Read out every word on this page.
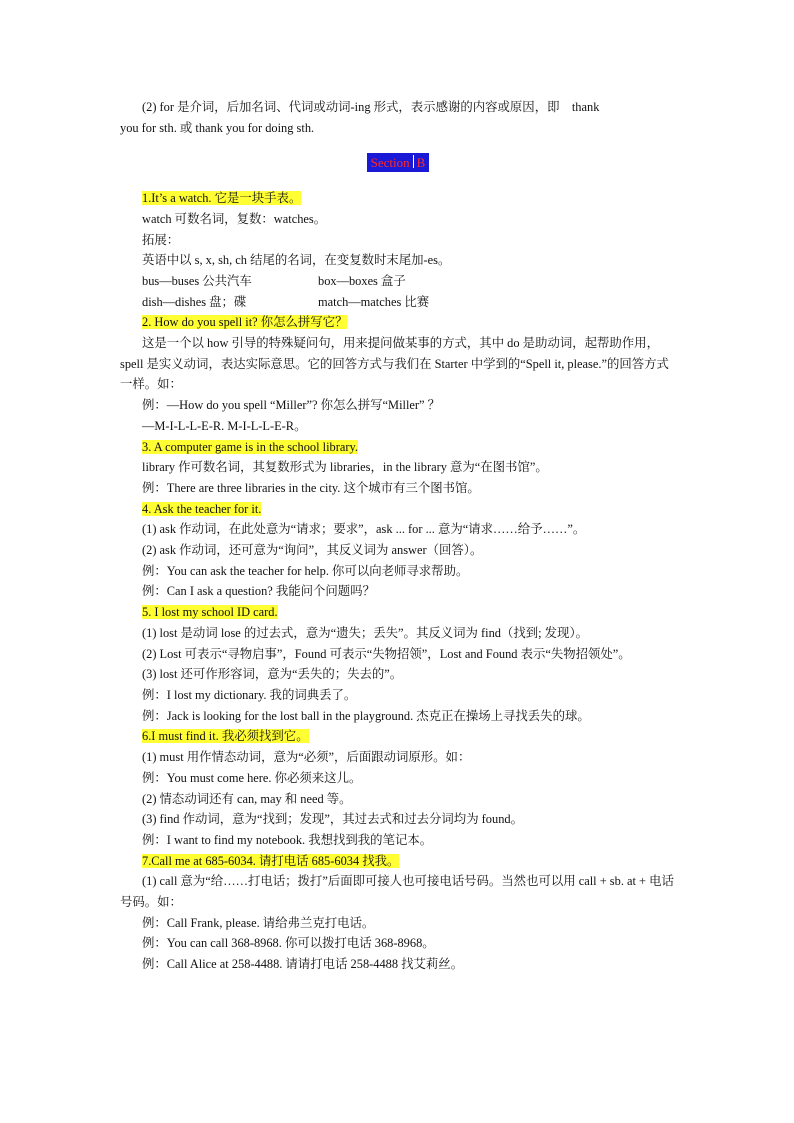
(2) for 是介词，后加名词、代词或动词-ing 形式，表示感谢的内容或原因，即　thank

you for sth. 或 thank you for doing sth.

Section B

1.It’s a watch. 它是一块手表。

watch 可数名词，复数：watches。

拓展：

英语中以 s, x, sh, ch 结尾的名词，在变复数时末尾加-es。

bus—buses 公共汽车	box—boxes 盒子
dish—dishes 盘；碟	match—matches 比赛

2. How do you spell it? 你怎么拼写它？

这是一个以 how 引导的特殊疑问句，用来提问做某事的方式，其中 do 是助动词，起帮助作用，spell 是实义动词，表达实际意思。它的回答方式与我们在 Starter 中学到的“Spell it, please.”的回答方式一样。如：

例：—How do you spell “Miller”? 你怎么拼写“Miller” ？

—M-I-L-L-E-R. M-I-L-L-E-R。

3. A computer game is in the school library.

library 作可数名词，其复数形式为 libraries，in the library 意为“在图书馆”。

例：There are three libraries in the city. 这个城市有三个图书馆。

4. Ask the teacher for it.

(1) ask 作动词，在此处意为“请求；要求”，ask ... for ... 意为“请求……给予……”。

(2) ask 作动词，还可意为“询问”，其反义词为 answer（回答）。

例：You can ask the teacher for help. 你可以向老师寻求帮助。

例：Can I ask a question? 我能问个问题吗？

5. I lost my school ID card.

(1) lost 是动词 lose 的过去式，意为“遗失；丢失”。其反义词为 find（找到; 发现）。

(2) Lost 可表示“寻物启事”，Found 可表示“失物招领”，Lost and Found 表示“失物招领处”。

(3) lost 还可作形容词，意为“丢失的；失去的”。

例：I lost my dictionary. 我的词典丢了。

例：Jack is looking for the lost ball in the playground. 杰克正在操场上寻找丢失的球。

6.I must find it. 我必须找到它。

(1) must 用作情态动词，意为“必须”，后面跟动词原形。如：

例：You must come here. 你必须来这儿。

(2) 情态动词还有 can, may 和 need 等。

(3) find 作动词，意为“找到；发现”，其过去式和过去分词均为 found。

例：I want to find my notebook. 我想找到我的笔记本。

7.Call me at 685-6034. 请打电话 685-6034 找我。

(1) call 意为“给……打电话；拨打”后面即可接人也可接电话号码。当然也可以用 call + sb. at + 电话号码。如：

例：Call Frank, please. 请给弗兰克打电话。

例：You can call 368-8968. 你可以拨打电话 368-8968。

例：Call Alice at 258-4488. 请请打电话 258-4488 找艾莉丝。
